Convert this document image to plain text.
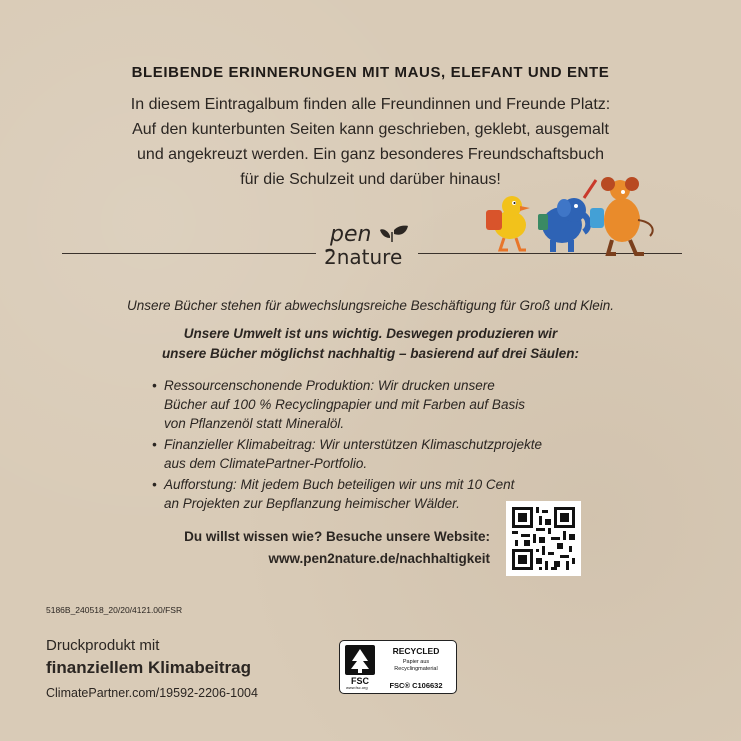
BLEIBENDE ERINNERUNGEN MIT MAUS, ELEFANT UND ENTE
In diesem Eintragalbum finden alle Freundinnen und Freunde Platz:
Auf den kunterbunten Seiten kann geschrieben, geklebt, ausgemalt
und angekreuzt werden. Ein ganz besonderes Freundschaftsbuch
für die Schulzeit und darüber hinaus!
pen
2nature
Unsere Bücher stehen für abwechslungsreiche Beschäftigung für Groß und Klein.
Unsere Umwelt ist uns wichtig. Deswegen produzieren wir
unsere Bücher möglichst nachhaltig – basierend auf drei Säulen:
• Ressourcenschonende Produktion: Wir drucken unsere
Bücher auf 100 % Recyclingpapier und mit Farben auf Basis
von Pflanzenöl statt Mineralöl.
• Finanzieller Klimabeitrag: Wir unterstützen Klimaschutzprojekte
aus dem ClimatePartner-Portfolio.
• Aufforstung: Mit jedem Buch beteiligen wir uns mit 10 Cent
an Projekten zur Bepflanzung heimischer Wälder.
Du willst wissen wie? Besuche unsere Website:
www.pen2nature.de/nachhaltigkeit
5186B_240518_20/20/4121.00/FSR
Druckprodukt mit
finanziellem Klimabeitrag
ClimatePartner.com/19592-2206-1004
FSC
RECYCLED
Papier aus
Recyclingmaterial
FSC® C106632
www.fsc.org
